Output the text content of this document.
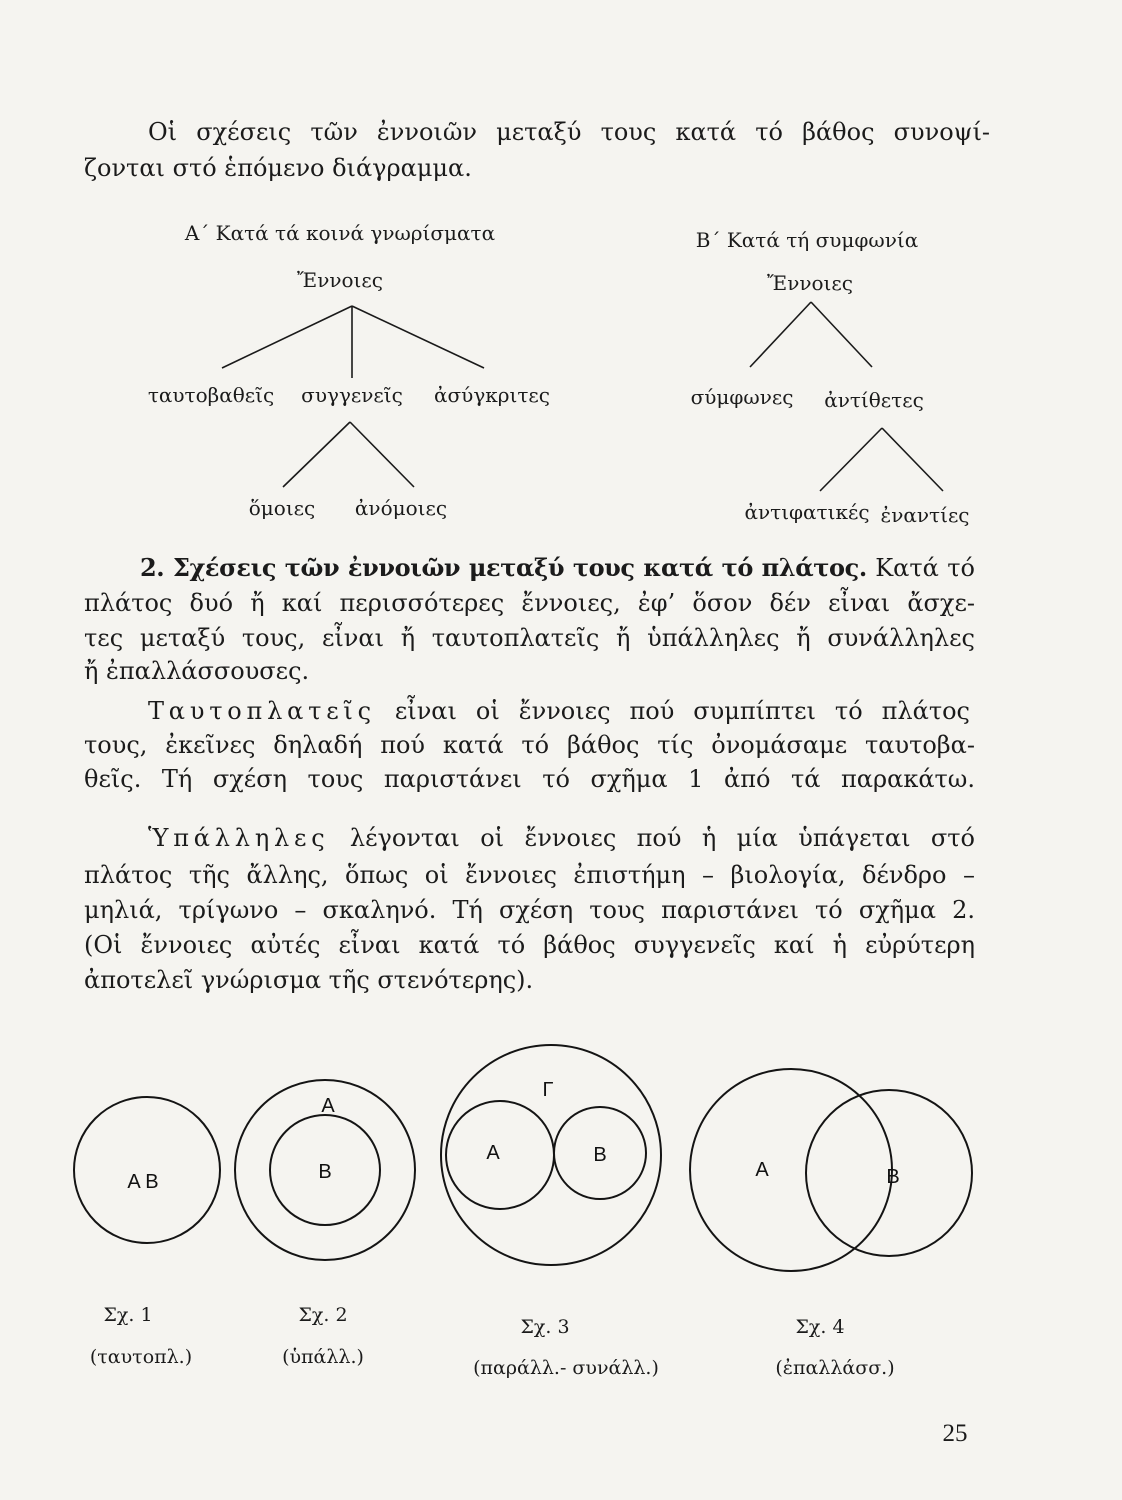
Οἱ σχέσεις τῶν ἐννοιῶν μεταξύ τους κατά τό βάθος συνοψί-
ζονται στό ἑπόμενο διάγραμμα.
Α΄ Κατά τά κοινά γνωρίσματα
Ἔννοιες
ταυτοβαθεῖς συγγενεῖς ἀσύγκριτες
ὅμοιες ἀνόμοιες
Β΄ Κατά τή συμφωνία
Ἔννοιες
σύμφωνες ἀντίθετες
ἀντιφατικές ἐναντίες
2. Σχέσεις τῶν ἐννοιῶν μεταξύ τους κατά τό πλάτος. Κατά τό
πλάτος δυό ἤ καί περισσότερες ἔννοιες, ἐφ’ ὅσον δέν εἶναι ἄσχε-
τες μεταξύ τους, εἶναι ἤ ταυτοπλατεῖς ἤ ὑπάλληλες ἤ συνάλληλες
ἤ ἐπαλλάσσουσες.
Ταυτοπλατεῖς εἶναι οἱ ἔννοιες πού συμπίπτει τό πλάτος
τους, ἐκεῖνες δηλαδή πού κατά τό βάθος τίς ὀνομάσαμε ταυτοβα-
θεῖς. Τή σχέση τους παριστάνει τό σχῆμα 1 ἀπό τά παρακάτω.
Ὑπάλληλες λέγονται οἱ ἔννοιες πού ἡ μία ὑπάγεται στό
πλάτος τῆς ἄλλης, ὅπως οἱ ἔννοιες ἐπιστήμη – βιολογία, δένδρο –
μηλιά, τρίγωνο – σκαληνό. Τή σχέση τους παριστάνει τό σχῆμα 2.
(Οἱ ἔννοιες αὐτές εἶναι κατά τό βάθος συγγενεῖς καί ἡ εὐρύτερη
ἀποτελεῖ γνώρισμα τῆς στενότερης).
Α Β
Α
Β
Γ
Α	Β
Α	Β
Σχ. 1
(ταυτοπλ.)
Σχ. 2
(ὑπάλλ.)
Σχ. 3
(παράλλ.- συνάλλ.)
Σχ. 4
(ἐπαλλάσσ.)
25
